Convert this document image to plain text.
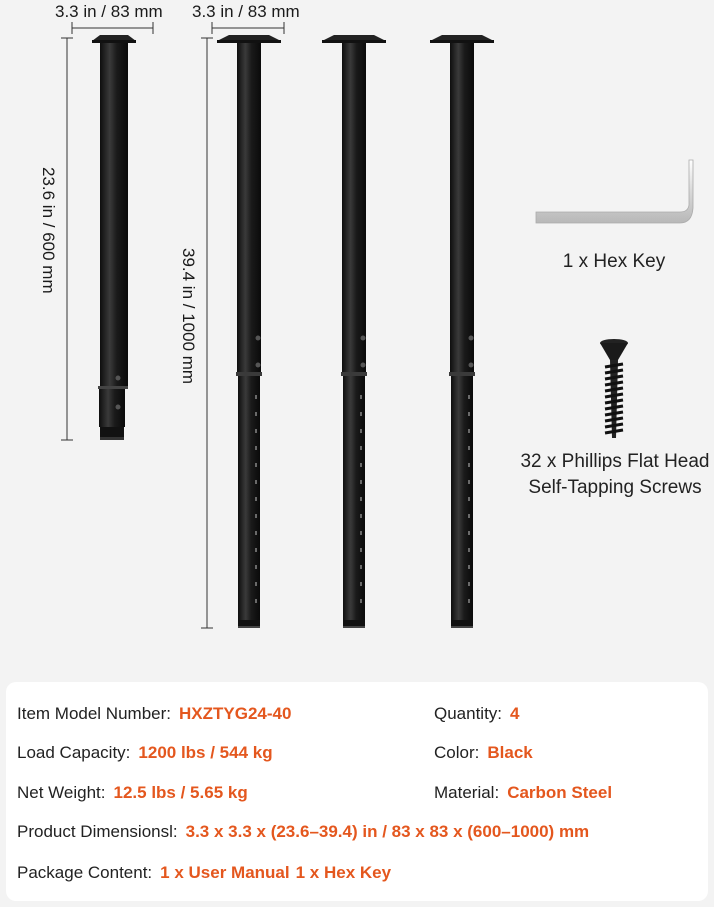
3.3 in / 83 mm 3.3 in / 83 mm
23.6 in / 600 mm
39.4 in / 1000 mm	1 x Hex Key
32 x Phillips Flat Head
Self-Tapping Screws
Item Model Number: HXZTYG24-40	Quantity: 4
Load Capacity: 1200 lbs / 544 kg	Color: Black
Net Weight: 12.5 lbs / 5.65 kg	Material: Carbon Steel
Product Dimensionsl: 3.3 x 3.3 x (23.6–39.4) in / 83 x 83 x (600–1000) mm
Package Content: 1 x User Manual 1 x Hex Key
